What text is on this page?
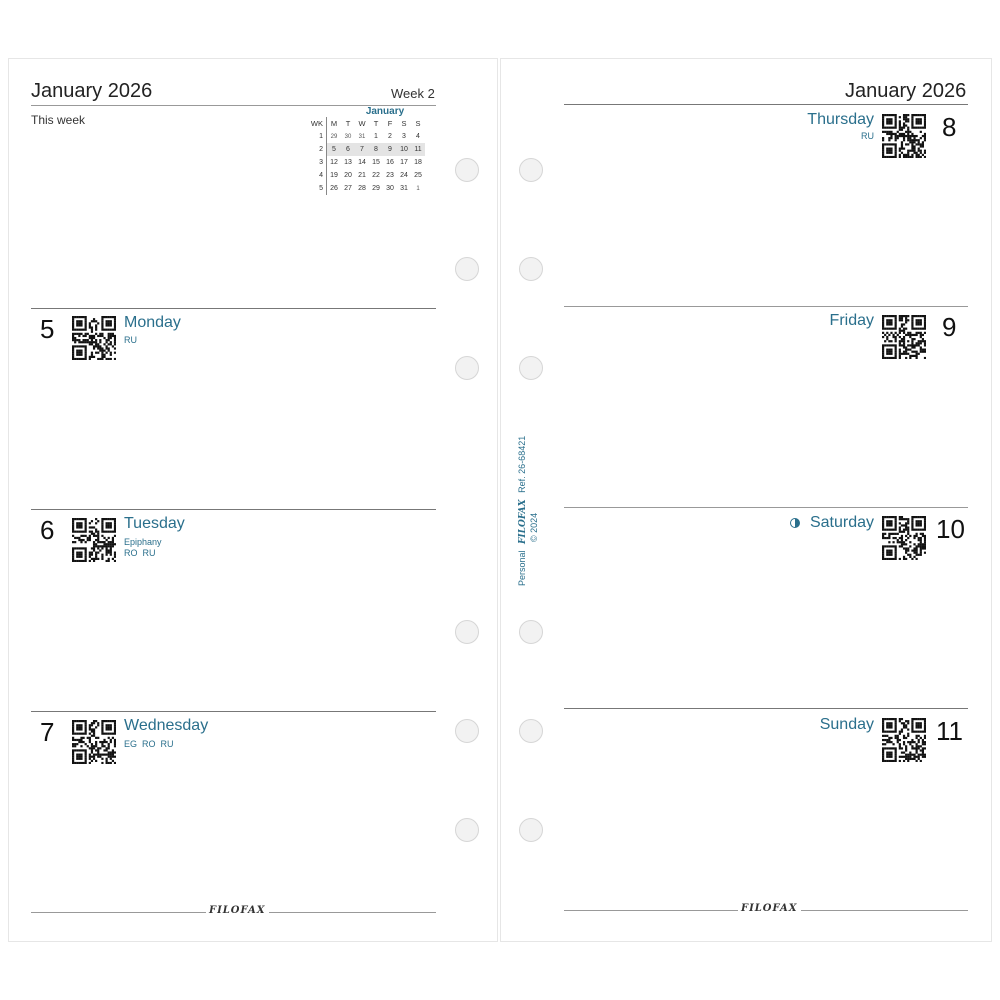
January 2026	Week 2
This week
January
WK	M	T	W	T	F	S	S
1	29	30	31	1	2	3	4
2	5	6	7	8	9	10	11
3	12	13	14	15	16	17	18
4	19	20	21	22	23	24	25
5	26	27	28	29	30	31	1
5	Monday
RU
6	Tuesday
Epiphany
RO  RU
7	Wednesday
EG  RO  RU
FILOFAX
January 2026
8
Thursday
RU
9
Friday
10
Saturday
11
Sunday
FILOFAX
Personal FILOFAX Ref. 26-68421
© 2024
